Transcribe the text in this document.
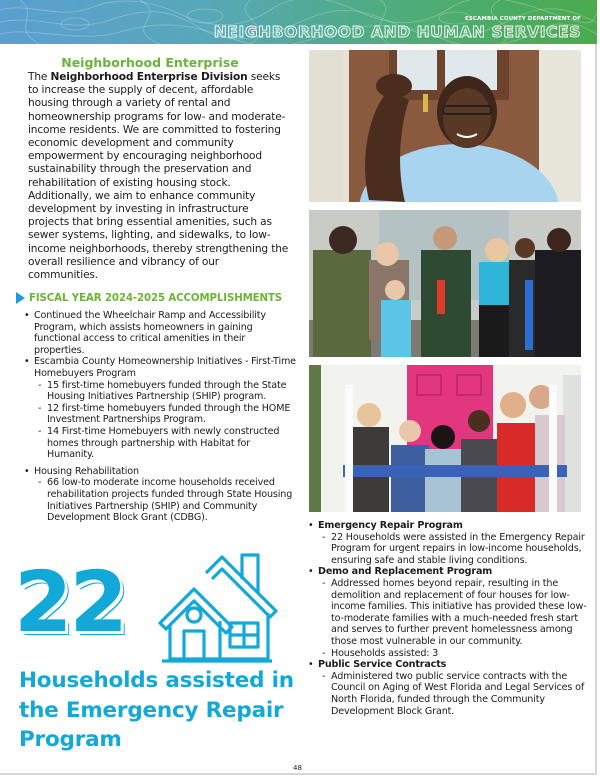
ESCAMBIA COUNTY DEPARTMENT OF
NEIGHBORHOOD AND HUMAN SERVICES
Neighborhood Enterprise

The Neighborhood Enterprise Division seeks to increase the supply of decent, affordable housing through a variety of rental and homeownership programs for low- and moderate-income residents. We are committed to fostering economic development and community empowerment by encouraging neighborhood sustainability through the preservation and rehabilitation of existing housing stock. Additionally, we aim to enhance community development by investing in infrastructure projects that bring essential amenities, such as sewer systems, lighting, and sidewalks, to low-income neighborhoods, thereby strengthening the overall resilience and vibrancy of our communities.

FISCAL YEAR 2024-2025 ACCOMPLISHMENTS
• Continued the Wheelchair Ramp and Accessibility Program, which assists homeowners in gaining functional access to critical amenities in their properties.
• Escambia County Homeownership Initiatives - First-Time Homebuyers Program
- 15 first-time homebuyers funded through the State Housing Initiatives Partnership (SHIP) program.
- 12 first-time homebuyers funded through the HOME Investment Partnerships Program.
- 14 First-time Homebuyers with newly constructed homes through partnership with Habitat for Humanity.
• Housing Rehabilitation
- 66 low-to moderate income households received rehabilitation projects funded through State Housing Initiatives Partnership (SHIP) and Community Development Block Grant (CDBG).
22
Households assisted in the Emergency Repair Program
• Emergency Repair Program
- 22 Households were assisted in the Emergency Repair Program for urgent repairs in low-income households, ensuring safe and stable living conditions.
• Demo and Replacement Program
- Addressed homes beyond repair, resulting in the demolition and replacement of four houses for low-income families. This initiative has provided these low-to-moderate families with a much-needed fresh start and serves to further prevent homelessness among those most vulnerable in our community.
- Households assisted: 3
• Public Service Contracts
- Administered two public service contracts with the Council on Aging of West Florida and Legal Services of North Florida, funded through the Community Development Block Grant.
48
